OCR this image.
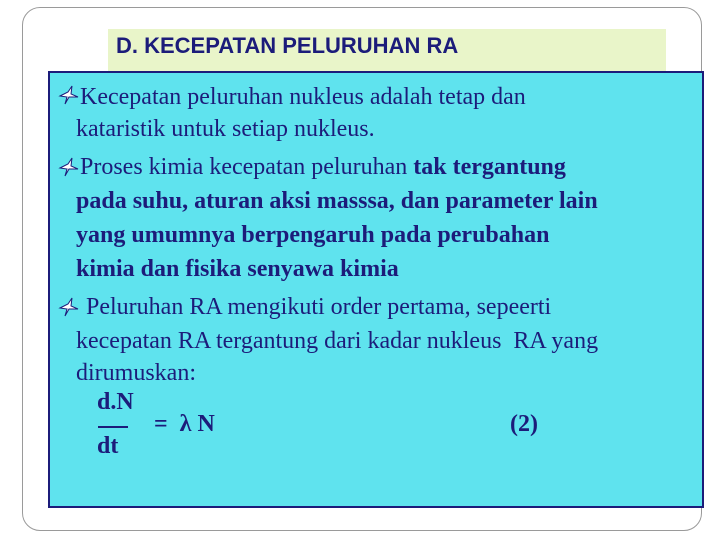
D. KECEPATAN PELURUHAN RA
Kecepatan peluruhan nukleus adalah tetap dan
kataristik untuk setiap nukleus.
Proses kimia kecepatan peluruhan tak tergantung
pada suhu, aturan aksi masssa, dan parameter lain
yang umumnya berpengaruh pada perubahan
kimia dan fisika senyawa kimia
Peluruhan RA mengikuti order pertama, sepeerti
kecepatan RA tergantung dari kadar nukleus  RA yang
dirumuskan:
d.N
dt
=  λ N	(2)
